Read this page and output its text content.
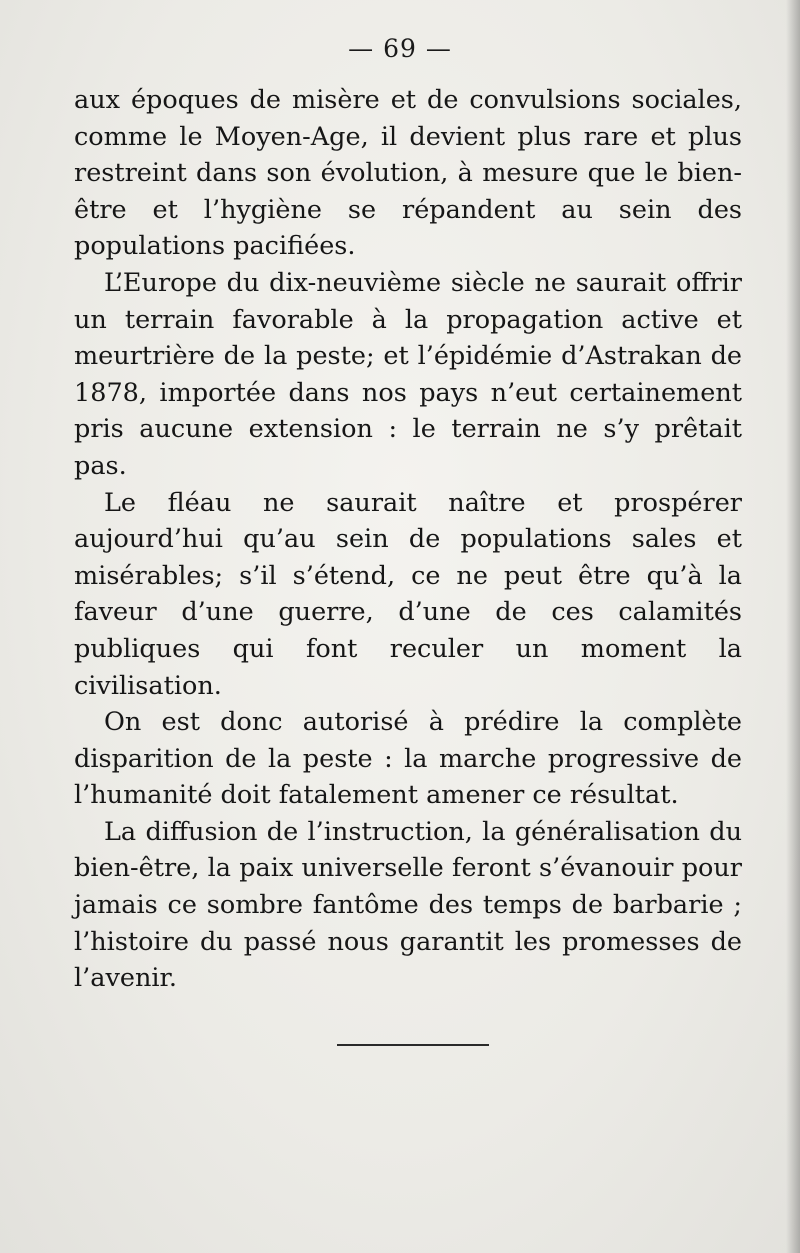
— 69 —

aux époques de misère et de convulsions sociales, comme le Moyen-Age, il devient plus rare et plus restreint dans son évolution, à mesure que le bien-être et l’hygiène se répandent au sein des populations pacifiées.

L’Europe du dix-neuvième siècle ne saurait offrir un terrain favorable à la propagation active et meurtrière de la peste; et l’épidémie d’Astrakan de 1878, importée dans nos pays n’eut certainement pris aucune extension : le terrain ne s’y prêtait pas.

Le fléau ne saurait naître et prospérer aujourd’hui qu’au sein de populations sales et misérables; s’il s’étend, ce ne peut être qu’à la faveur d’une guerre, d’une de ces calamités publiques qui font reculer un moment la civilisation.

On est donc autorisé à prédire la complète disparition de la peste : la marche progressive de l’humanité doit fatalement amener ce résultat.

La diffusion de l’instruction, la généralisation du bien-être, la paix universelle feront s’évanouir pour jamais ce sombre fantôme des temps de barbarie ; l’histoire du passé nous garantit les promesses de l’avenir.
